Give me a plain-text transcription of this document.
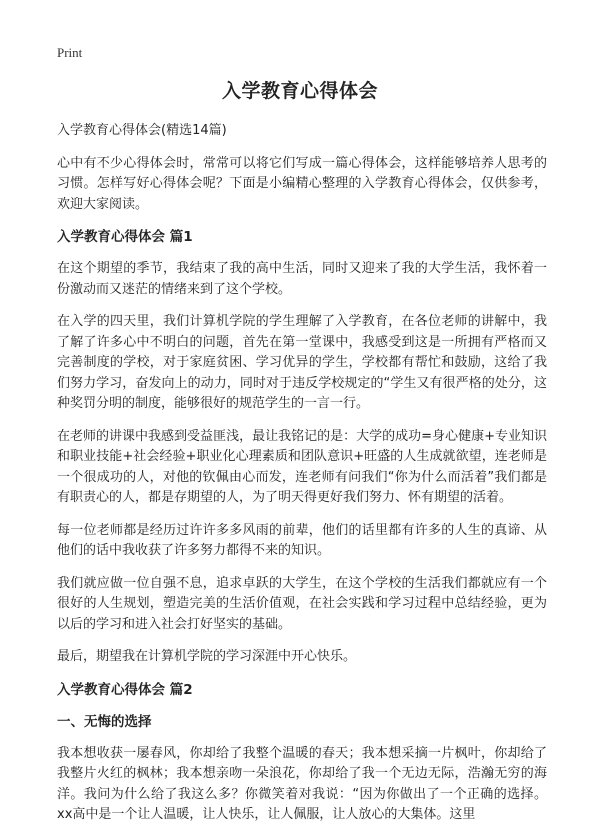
Print
入学教育心得体会

入学教育心得体会(精选14篇)

心中有不少心得体会时，常常可以将它们写成一篇心得体会，这样能够培养人思考的习惯。怎样写好心得体会呢？下面是小编精心整理的入学教育心得体会，仅供参考，欢迎大家阅读。

入学教育心得体会 篇1

在这个期望的季节，我结束了我的高中生活，同时又迎来了我的大学生活，我怀着一份激动而又迷茫的情绪来到了这个学校。

在入学的四天里，我们计算机学院的学生理解了入学教育，在各位老师的讲解中，我了解了许多心中不明白的问题，首先在第一堂课中，我感受到这是一所拥有严格而又完善制度的学校，对于家庭贫困、学习优异的学生，学校都有帮忙和鼓励，这给了我们努力学习，奋发向上的动力，同时对于违反学校规定的“学生又有很严格的处分，这种奖罚分明的制度，能够很好的规范学生的一言一行。

在老师的讲课中我感到受益匪浅，最让我铭记的是：大学的成功=身心健康+专业知识和职业技能+社会经验+职业化心理素质和团队意识+旺盛的人生成就欲望，连老师是一个很成功的人，对他的钦佩由心而发，连老师有问我们“你为什么而活着”我们都是有职责心的人，都是存期望的人，为了明天得更好我们努力、怀有期望的活着。

每一位老师都是经历过许许多多风雨的前辈，他们的话里都有许多的人生的真谛、从他们的话中我收获了许多努力都得不来的知识。

我们就应做一位自强不息，追求卓跃的大学生，在这个学校的生活我们都就应有一个很好的人生规划，塑造完美的生活价值观，在社会实践和学习过程中总结经验，更为以后的学习和进入社会打好坚实的基础。

最后，期望我在计算机学院的学习深涯中开心快乐。

入学教育心得体会 篇2
一、无悔的选择

我本想收获一屡春风，你却给了我整个温暖的春天；我本想采摘一片枫叶，你却给了我整片火红的枫林；我本想亲吻一朵浪花，你却给了我一个无边无际，浩瀚无穷的海洋。我问为什么给了我这么多？你微笑着对我说：“因为你做出了一个正确的选择。 xx高中是一个让人温暖，让人快乐，让人佩服，让人放心的大集体。这里
